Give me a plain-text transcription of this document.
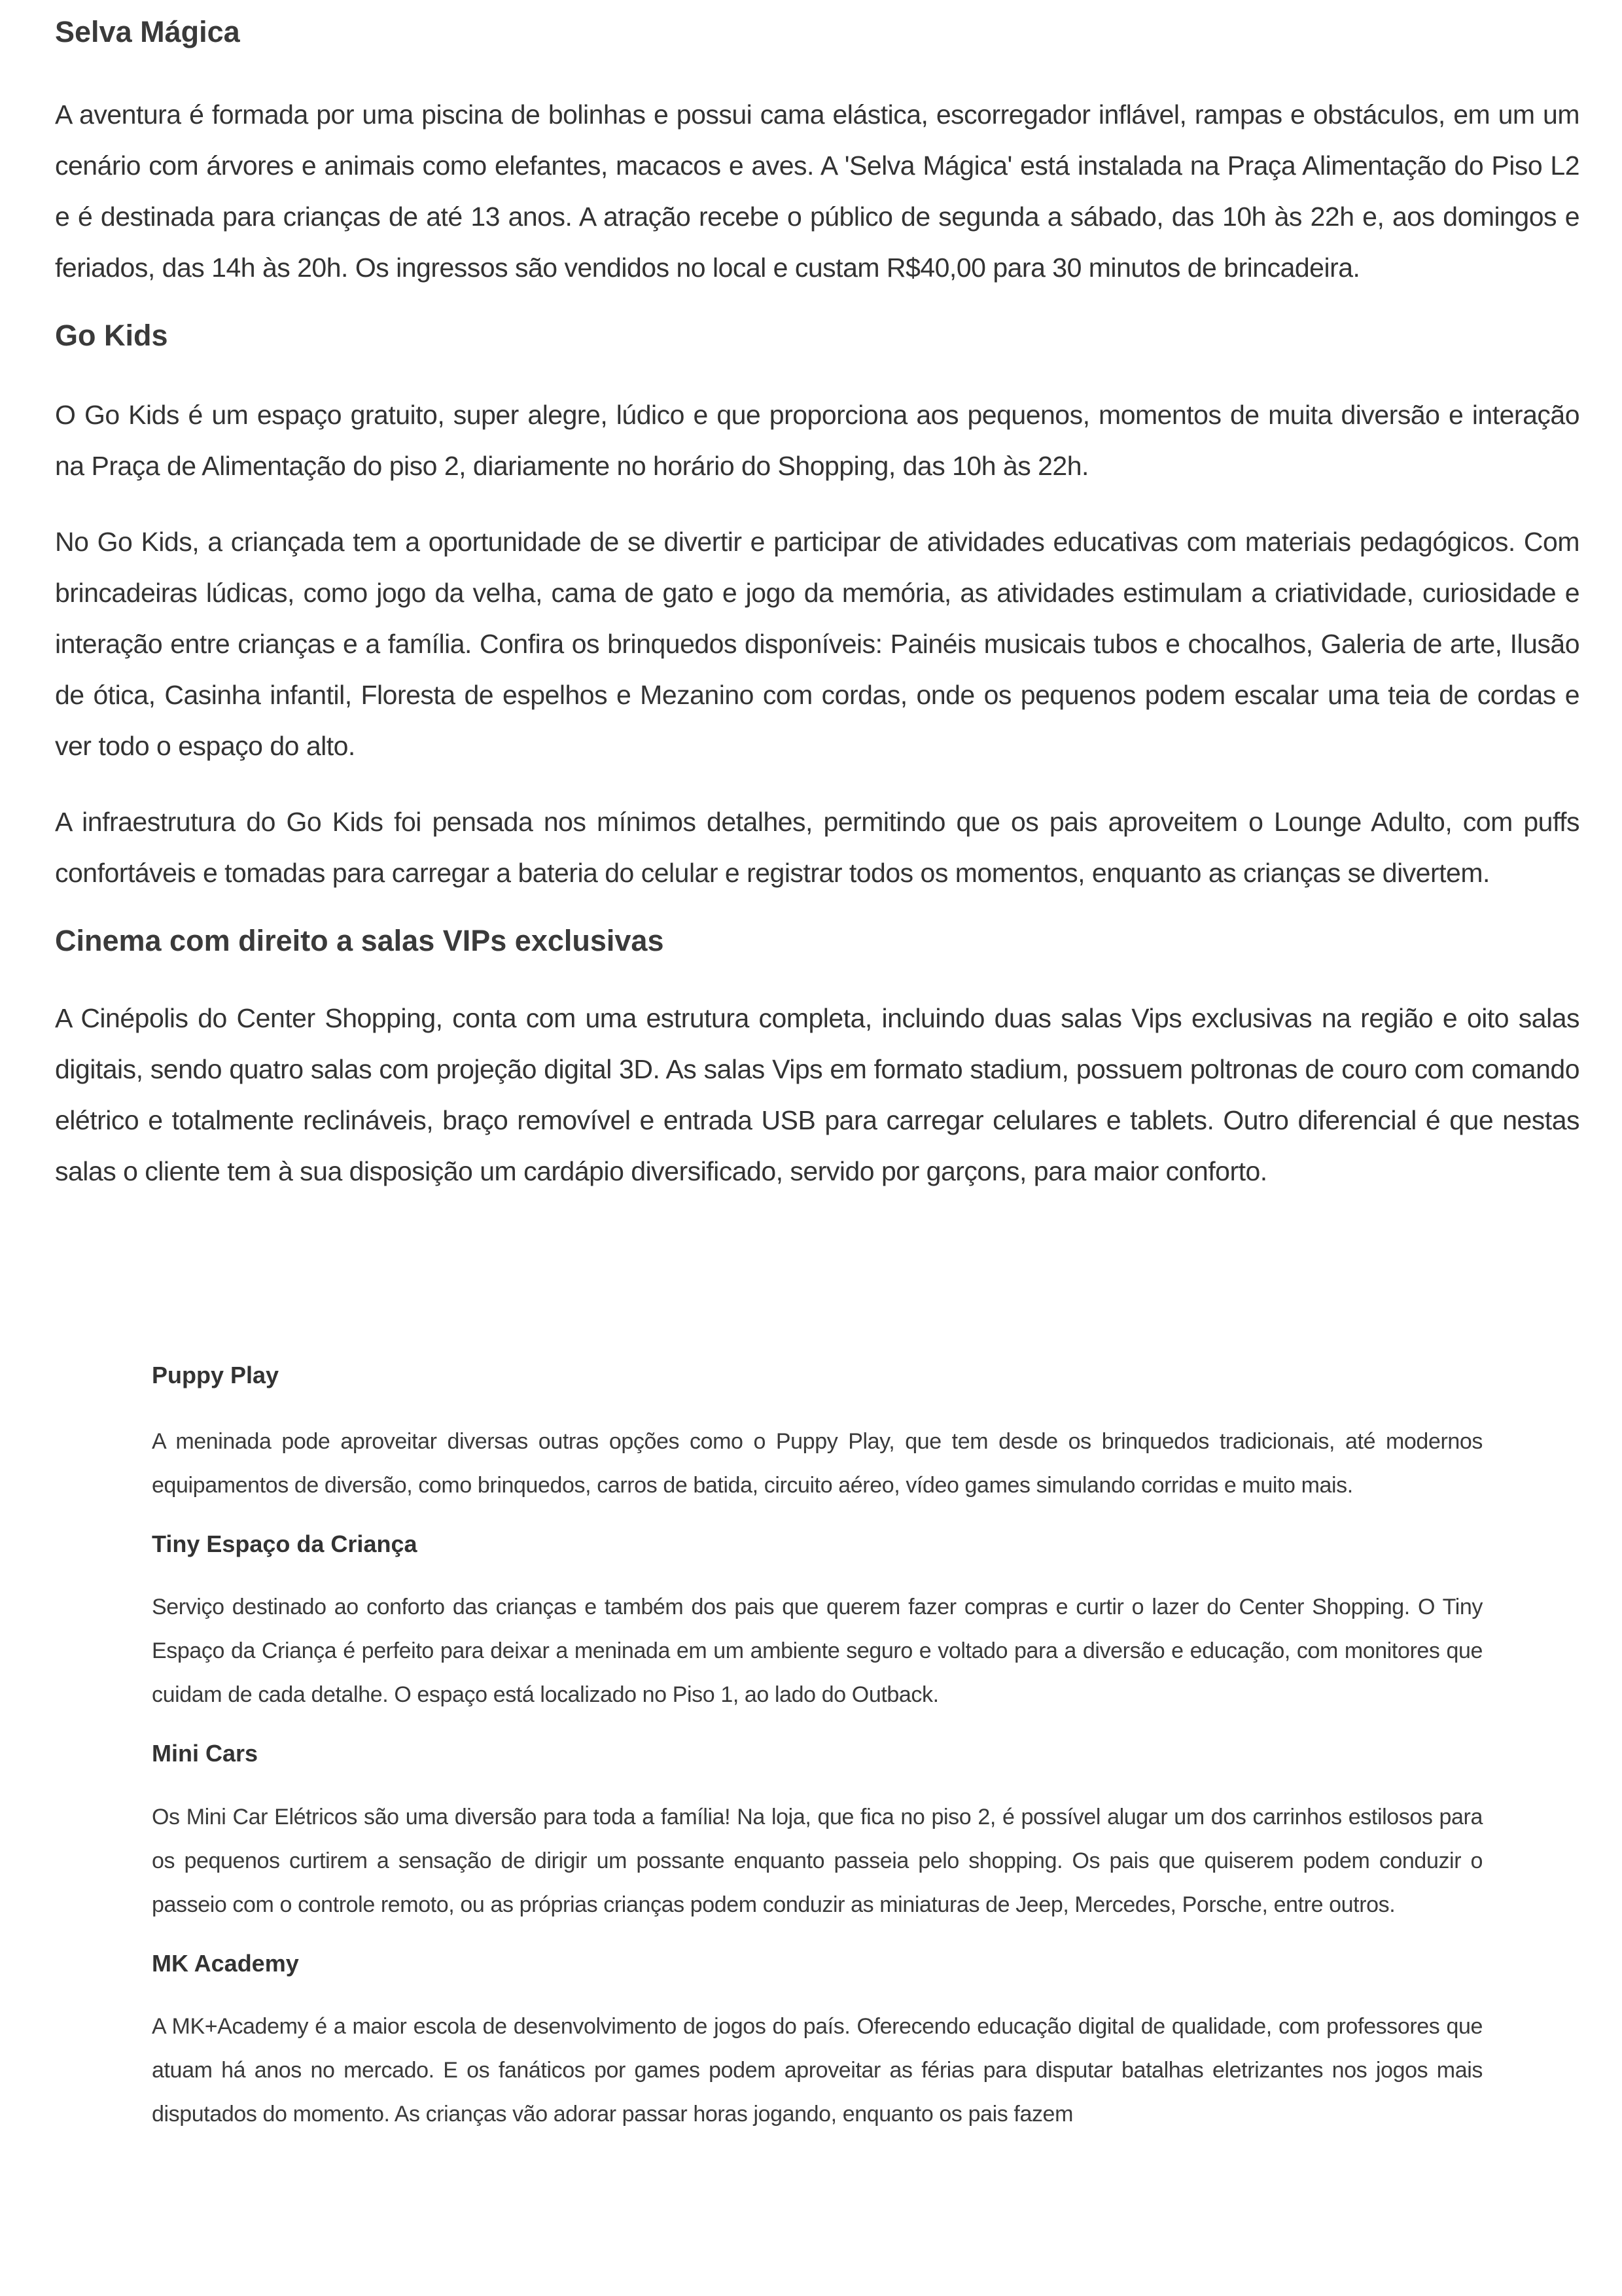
Selva Mágica

A aventura é formada por uma piscina de bolinhas e possui cama elástica, escorregador inflável, rampas e obstáculos, em um um cenário com árvores e animais como elefantes, macacos e aves. A 'Selva Mágica' está instalada na Praça Alimentação do Piso L2 e é destinada para crianças de até 13 anos. A atração recebe o público de segunda a sábado, das 10h às 22h e, aos domingos e feriados, das 14h às 20h. Os ingressos são vendidos no local e custam R$40,00 para 30 minutos de brincadeira.

Go Kids

O Go Kids é um espaço gratuito, super alegre, lúdico e que proporciona aos pequenos, momentos de muita diversão e interação na Praça de Alimentação do piso 2, diariamente no horário do Shopping, das 10h às 22h.

No Go Kids, a criançada tem a oportunidade de se divertir e participar de atividades educativas com materiais pedagógicos. Com brincadeiras lúdicas, como jogo da velha, cama de gato e jogo da memória, as atividades estimulam a criatividade, curiosidade e interação entre crianças e a família. Confira os brinquedos disponíveis: Painéis musicais tubos e chocalhos, Galeria de arte, Ilusão de ótica, Casinha infantil, Floresta de espelhos e Mezanino com cordas, onde os pequenos podem escalar uma teia de cordas e ver todo o espaço do alto.

A infraestrutura do Go Kids foi pensada nos mínimos detalhes, permitindo que os pais aproveitem o Lounge Adulto, com puffs confortáveis e tomadas para carregar a bateria do celular e registrar todos os momentos, enquanto as crianças se divertem.

Cinema com direito a salas VIPs exclusivas

A Cinépolis do Center Shopping, conta com uma estrutura completa, incluindo duas salas Vips exclusivas na região e oito salas digitais, sendo quatro salas com projeção digital 3D. As salas Vips em formato stadium, possuem poltronas de couro com comando elétrico e totalmente reclináveis, braço removível e entrada USB para carregar celulares e tablets. Outro diferencial é que nestas salas o cliente tem à sua disposição um cardápio diversificado, servido por garçons, para maior conforto.

Puppy Play

A meninada pode aproveitar diversas outras opções como o Puppy Play, que tem desde os brinquedos tradicionais, até modernos equipamentos de diversão, como brinquedos, carros de batida, circuito aéreo, vídeo games simulando corridas e muito mais.

Tiny Espaço da Criança

Serviço destinado ao conforto das crianças e também dos pais que querem fazer compras e curtir o lazer do Center Shopping. O Tiny Espaço da Criança é perfeito para deixar a meninada em um ambiente seguro e voltado para a diversão e educação, com monitores que cuidam de cada detalhe. O espaço está localizado no Piso 1, ao lado do Outback.

Mini Cars

Os Mini Car Elétricos são uma diversão para toda a família! Na loja, que fica no piso 2, é possível alugar um dos carrinhos estilosos para os pequenos curtirem a sensação de dirigir um possante enquanto passeia pelo shopping. Os pais que quiserem podem conduzir o passeio com o controle remoto, ou as próprias crianças podem conduzir as miniaturas de Jeep, Mercedes, Porsche, entre outros.

MK Academy

A MK+Academy é a maior escola de desenvolvimento de jogos do país. Oferecendo educação digital de qualidade, com professores que atuam há anos no mercado. E os fanáticos por games podem aproveitar as férias para disputar batalhas eletrizantes nos jogos mais disputados do momento. As crianças vão adorar passar horas jogando, enquanto os pais fazem
